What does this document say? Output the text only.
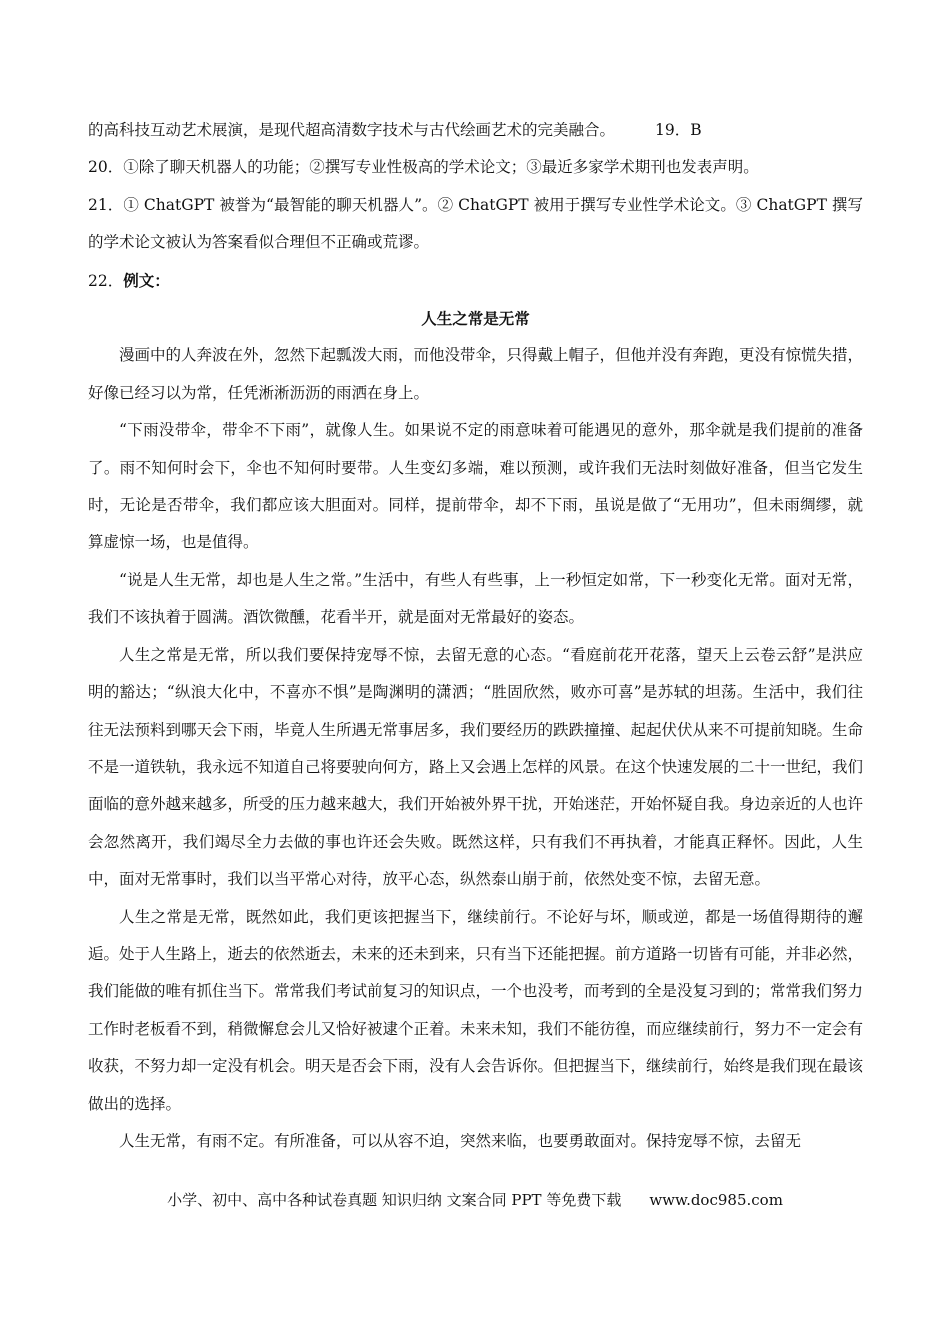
的高科技互动艺术展演，是现代超高清数字技术与古代绘画艺术的完美融合。	19．B

20．①除了聊天机器人的功能；②撰写专业性极高的学术论文；③最近多家学术期刊也发表声明。

21．① ChatGPT 被誉为“最智能的聊天机器人”。② ChatGPT 被用于撰写专业性学术论文。③ ChatGPT 撰写的学术论文被认为答案看似合理但不正确或荒谬。

22．例文：

人生之常是无常

漫画中的人奔波在外，忽然下起瓢泼大雨，而他没带伞，只得戴上帽子，但他并没有奔跑，更没有惊慌失措，好像已经习以为常，任凭淅淅沥沥的雨洒在身上。

“下雨没带伞，带伞不下雨”，就像人生。如果说不定的雨意味着可能遇见的意外，那伞就是我们提前的准备了。雨不知何时会下，伞也不知何时要带。人生变幻多端，难以预测，或许我们无法时刻做好准备，但当它发生时，无论是否带伞，我们都应该大胆面对。同样，提前带伞，却不下雨，虽说是做了“无用功”，但未雨绸缪，就算虚惊一场，也是值得。

“说是人生无常，却也是人生之常。”生活中，有些人有些事，上一秒恒定如常，下一秒变化无常。面对无常，我们不该执着于圆满。酒饮微醺，花看半开，就是面对无常最好的姿态。

人生之常是无常，所以我们要保持宠辱不惊，去留无意的心态。“看庭前花开花落，望天上云卷云舒”是洪应明的豁达；“纵浪大化中，不喜亦不惧”是陶渊明的潇洒；“胜固欣然，败亦可喜”是苏轼的坦荡。生活中，我们往往无法预料到哪天会下雨，毕竟人生所遇无常事居多，我们要经历的跌跌撞撞、起起伏伏从来不可提前知晓。生命不是一道铁轨，我永远不知道自己将要驶向何方，路上又会遇上怎样的风景。在这个快速发展的二十一世纪，我们面临的意外越来越多，所受的压力越来越大，我们开始被外界干扰，开始迷茫，开始怀疑自我。身边亲近的人也许会忽然离开，我们竭尽全力去做的事也许还会失败。既然这样，只有我们不再执着，才能真正释怀。因此，人生中，面对无常事时，我们以当平常心对待，放平心态，纵然泰山崩于前，依然处变不惊，去留无意。

人生之常是无常，既然如此，我们更该把握当下，继续前行。不论好与坏，顺或逆，都是一场值得期待的邂逅。处于人生路上，逝去的依然逝去，未来的还未到来，只有当下还能把握。前方道路一切皆有可能，并非必然，我们能做的唯有抓住当下。常常我们考试前复习的知识点，一个也没考，而考到的全是没复习到的；常常我们努力工作时老板看不到，稍微懈怠会儿又恰好被逮个正着。未来未知，我们不能彷徨，而应继续前行，努力不一定会有收获，不努力却一定没有机会。明天是否会下雨，没有人会告诉你。但把握当下，继续前行，始终是我们现在最该做出的选择。

人生无常，有雨不定。有所准备，可以从容不迫，突然来临，也要勇敢面对。保持宠辱不惊，去留无

小学、初中、高中各种试卷真题 知识归纳 文案合同 PPT 等免费下载 www.doc985.com
